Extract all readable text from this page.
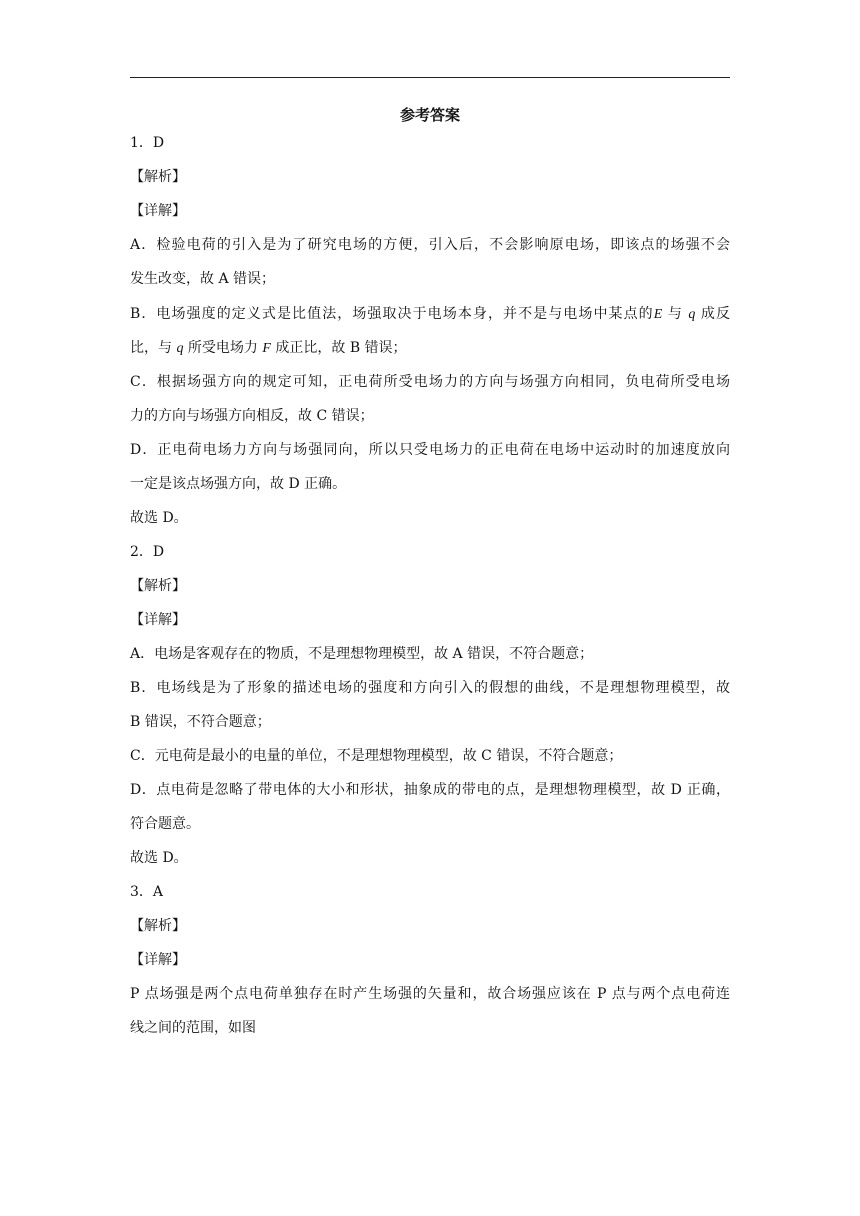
参考答案
1．D
【解析】
【详解】
A．检验电荷的引入是为了研究电场的方便，引入后，不会影响原电场，即该点的场强不会
发生改变，故 A 错误；
B．电场强度的定义式是比值法，场强取决于电场本身，并不是与电场中某点的E 与 q 成反
比，与 q 所受电场力 F 成正比，故 B 错误；
C．根据场强方向的规定可知，正电荷所受电场力的方向与场强方向相同，负电荷所受电场
力的方向与场强方向相反，故 C 错误；
D．正电荷电场力方向与场强同向，所以只受电场力的正电荷在电场中运动时的加速度放向
一定是该点场强方向，故 D 正确。
故选 D。
2．D
【解析】
【详解】
A．电场是客观存在的物质，不是理想物理模型，故 A 错误，不符合题意；
B．电场线是为了形象的描述电场的强度和方向引入的假想的曲线，不是理想物理模型，故
B 错误，不符合题意；
C．元电荷是最小的电量的单位，不是理想物理模型，故 C 错误，不符合题意；
D．点电荷是忽略了带电体的大小和形状，抽象成的带电的点，是理想物理模型，故 D 正确，
符合题意。
故选 D。
3．A
【解析】
【详解】
P 点场强是两个点电荷单独存在时产生场强的矢量和，故合场强应该在 P 点与两个点电荷连
线之间的范围，如图
